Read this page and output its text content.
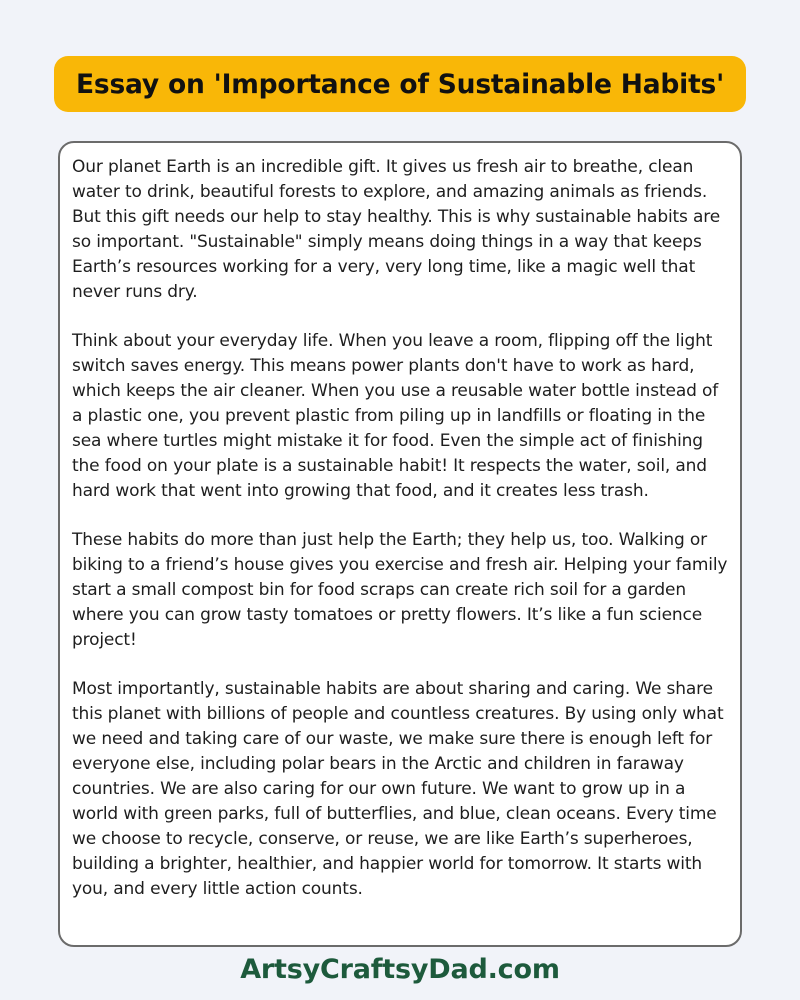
Essay on 'Importance of Sustainable Habits'

Our planet Earth is an incredible gift. It gives us fresh air to breathe, clean water to drink, beautiful forests to explore, and amazing animals as friends. But this gift needs our help to stay healthy. This is why sustainable habits are so important. "Sustainable" simply means doing things in a way that keeps Earth’s resources working for a very, very long time, like a magic well that never runs dry.

Think about your everyday life. When you leave a room, flipping off the light switch saves energy. This means power plants don't have to work as hard, which keeps the air cleaner. When you use a reusable water bottle instead of a plastic one, you prevent plastic from piling up in landfills or floating in the sea where turtles might mistake it for food. Even the simple act of finishing the food on your plate is a sustainable habit! It respects the water, soil, and hard work that went into growing that food, and it creates less trash.

These habits do more than just help the Earth; they help us, too. Walking or biking to a friend’s house gives you exercise and fresh air. Helping your family start a small compost bin for food scraps can create rich soil for a garden where you can grow tasty tomatoes or pretty flowers. It’s like a fun science project!

Most importantly, sustainable habits are about sharing and caring. We share this planet with billions of people and countless creatures. By using only what we need and taking care of our waste, we make sure there is enough left for everyone else, including polar bears in the Arctic and children in faraway countries. We are also caring for our own future. We want to grow up in a world with green parks, full of butterflies, and blue, clean oceans. Every time we choose to recycle, conserve, or reuse, we are like Earth’s superheroes, building a brighter, healthier, and happier world for tomorrow. It starts with you, and every little action counts.

ArtsyCraftsyDad.com
